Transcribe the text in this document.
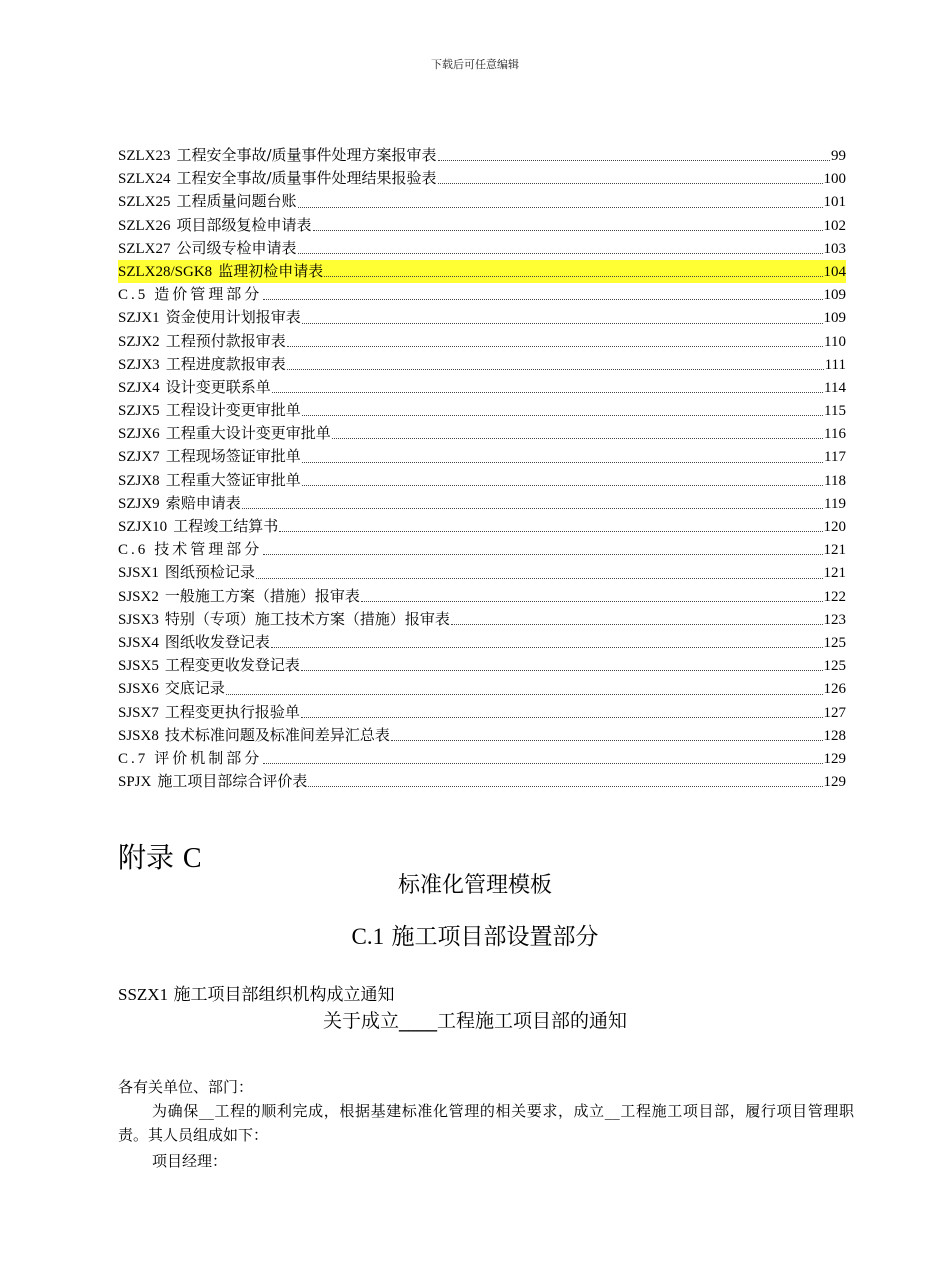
下载后可任意编辑
SZLX23 工程安全事故/质量事件处理方案报审表	99
SZLX24 工程安全事故/质量事件处理结果报验表	100
SZLX25 工程质量问题台账	101
SZLX26 项目部级复检申请表	102
SZLX27 公司级专检申请表	103
SZLX28/SGK8 监理初检申请表	104
C.5 造价管理部分	109
SZJX1 资金使用计划报审表	109
SZJX2 工程预付款报审表	110
SZJX3 工程进度款报审表	111
SZJX4 设计变更联系单	114
SZJX5 工程设计变更审批单	115
SZJX6 工程重大设计变更审批单	116
SZJX7 工程现场签证审批单	117
SZJX8 工程重大签证审批单	118
SZJX9 索赔申请表	119
SZJX10 工程竣工结算书	120
C.6 技术管理部分	121
SJSX1 图纸预检记录	121
SJSX2 一般施工方案（措施）报审表	122
SJSX3 特别（专项）施工技术方案（措施）报审表	123
SJSX4 图纸收发登记表	125
SJSX5 工程变更收发登记表	125
SJSX6 交底记录	126
SJSX7 工程变更执行报验单	127
SJSX8 技术标准问题及标准间差异汇总表	128
C.7 评价机制部分	129
SPJX 施工项目部综合评价表	129
附录 C
标准化管理模板
C.1 施工项目部设置部分
SSZX1 施工项目部组织机构成立通知
关于成立____工程施工项目部的通知
各有关单位、部门：
为确保__工程的顺利完成，根据基建标准化管理的相关要求，成立__工程施工项目部，履行项目管理职责。其人员组成如下：
项目经理：
